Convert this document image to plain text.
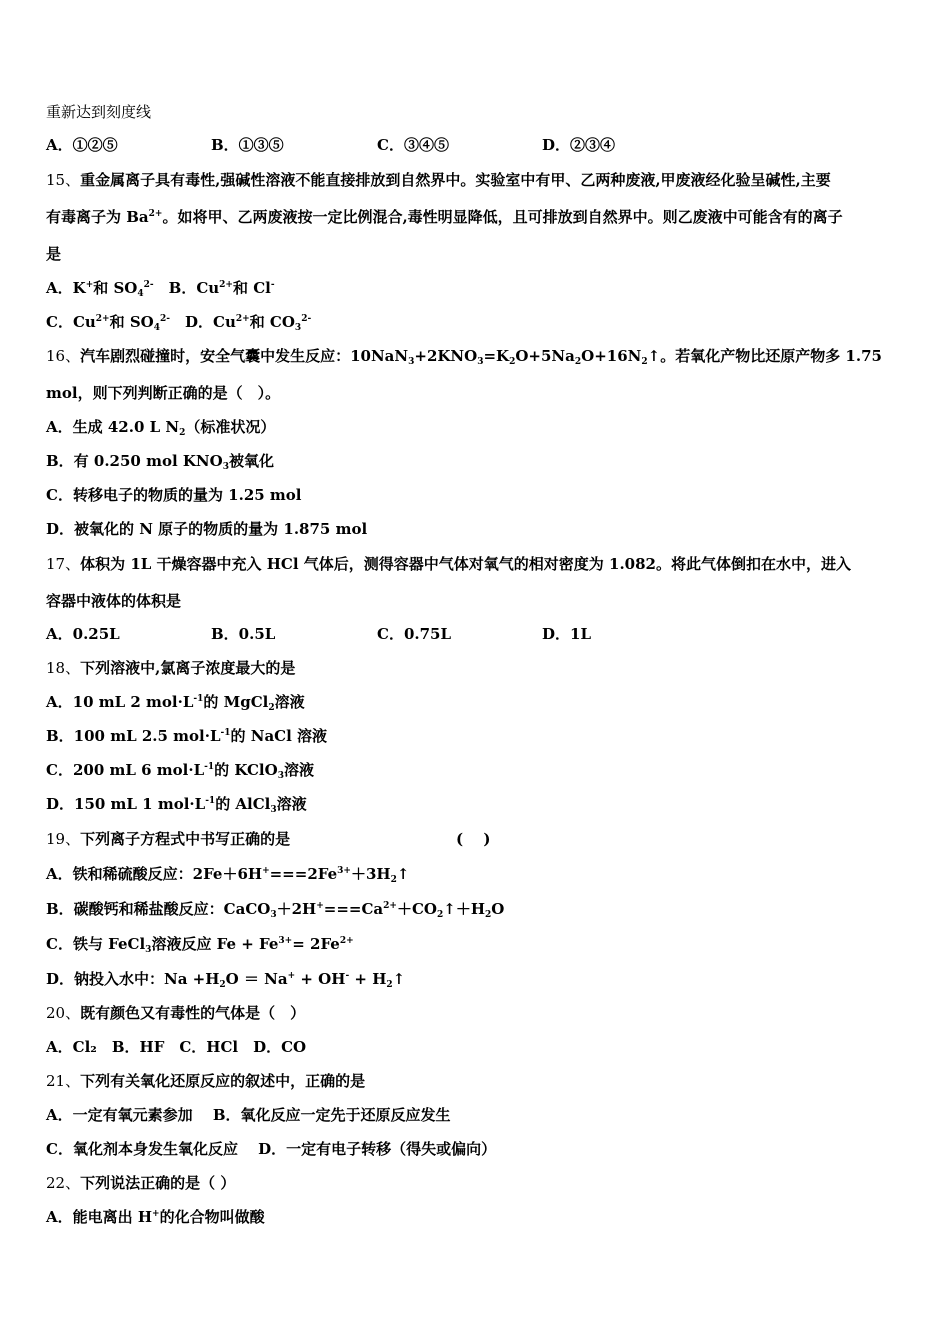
重新达到刻度线
A．①②⑤	B．①③⑤	C．③④⑤	D．②③④
15、重金属离子具有毒性,强碱性溶液不能直接排放到自然界中。实验室中有甲、乙两种废液,甲废液经化验呈碱性,主要
有毒离子为 $Ba^{2+}$。如将甲、乙两废液按一定比例混合,毒性明显降低，且可排放到自然界中。则乙废液中可能含有的离子
是
A．K+和 $SO_4^{2-}$　 B．$Cu^{2+}$和 Cl-
C．$Cu^{2+}$和 $SO_4^{2-}$　 D．$Cu^{2+}$和 $CO_3^{2-}$
16、汽车剧烈碰撞时，安全气囊中发生反应：$10NaN_3+2KNO_3=K_2O+5Na_2O+16N_2↑$。若氧化产物比还原产物多 1.75
mol，则下列判断正确的是（　）。
A．生成 42.0 L $N_2$（标准状况）
B．有 0.250 mol $KNO_3$被氧化
C．转移电子的物质的量为 1.25 mol
D．被氧化的 N 原子的物质的量为 1.875 mol
17、体积为 1L 干燥容器中充入 HCl 气体后，测得容器中气体对氧气的相对密度为 1.082。将此气体倒扣在水中，进入
容器中液体的体积是
A．0.25L	B．0.5L	C．0.75L	D．1L
18、下列溶液中,氯离子浓度最大的是
A．10 mL 2 $mol\cdot L^{-1}$的 MgCl$_2$溶液
B．100 mL 2.5 $mol\cdot L^{-1}$的 NaCl 溶液
C．200 mL 6 $mol\cdot L^{-1}$的 KClO$_3$溶液
D．150 mL 1 $mol\cdot L^{-1}$的 AlCl$_3$溶液
19、下列离子方程式中书写正确的是	(　 )
A．铁和稀硫酸反应：$2Fe+6H^+===2Fe^{3+}+3H_2↑$
B．碳酸钙和稀盐酸反应：$CaCO_3+2H^+===Ca^{2+}+CO_2↑+H_2O$
C．铁与 FeCl$_3$溶液反应 $Fe + Fe^{3+}= 2Fe^{2+}$
D．钠投入水中：$Na +H_2O = Na^+ + OH^-$ + $H_2↑$
20、既有颜色又有毒性的气体是（　）
A．Cl₂　B．HF　C．HCl　D．CO
21、下列有关氧化还原反应的叙述中，正确的是
A．一定有氧元素参加　 B．氧化反应一定先于还原反应发生
C．氧化剂本身发生氧化反应　 D．一定有电子转移（得失或偏向）
22、下列说法正确的是（ ）
A．能电离出 H+的化合物叫做酸
